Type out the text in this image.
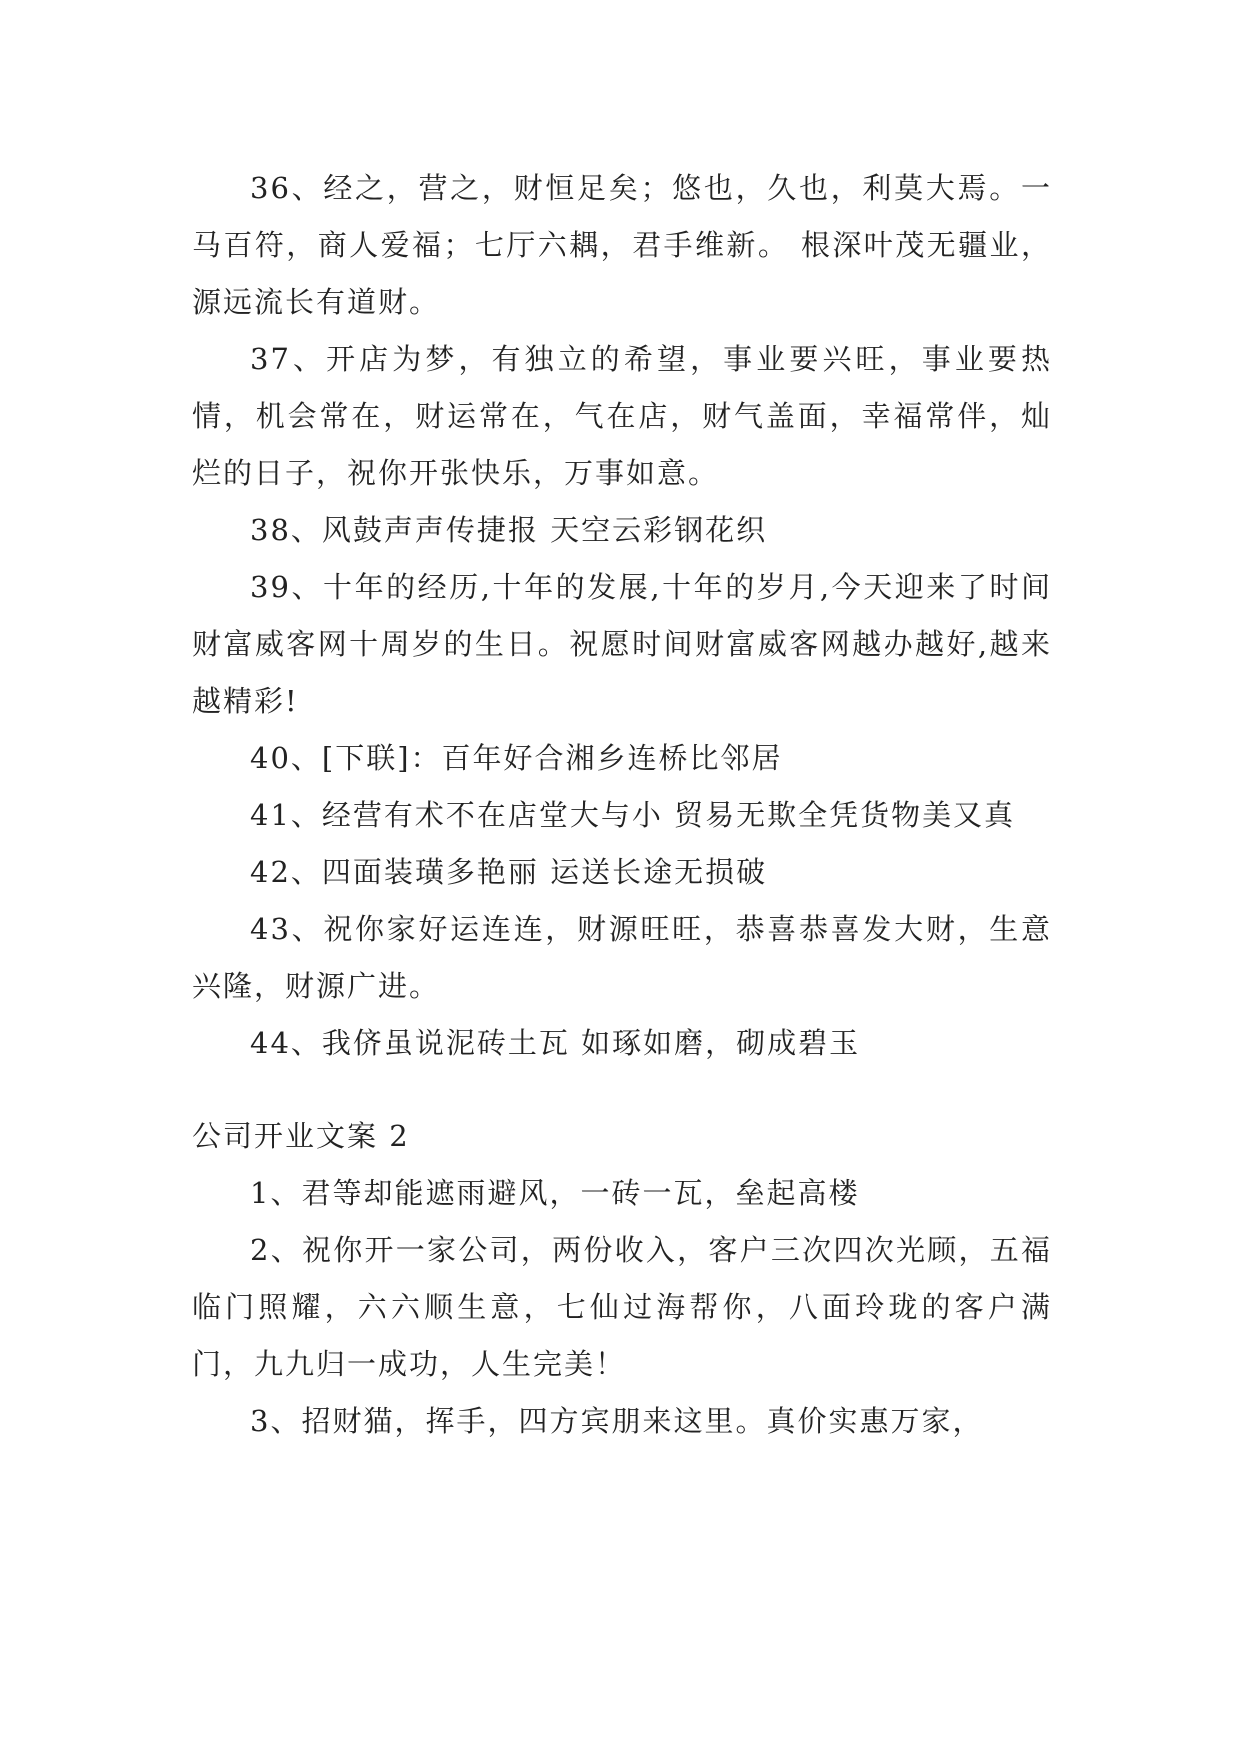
36、经之，营之，财恒足矣；悠也，久也，利莫大焉。一马百符，商人爱福；七厅六耦，君手维新。 根深叶茂无疆业，源远流长有道财。

37、开店为梦，有独立的希望，事业要兴旺，事业要热情，机会常在，财运常在，气在店，财气盖面，幸福常伴，灿烂的日子，祝你开张快乐，万事如意。

38、风鼓声声传捷报 天空云彩钢花织

39、十年的经历,十年的发展,十年的岁月,今天迎来了时间财富威客网十周岁的生日。祝愿时间财富威客网越办越好,越来越精彩!

40、[下联]：百年好合湘乡连桥比邻居

41、经营有术不在店堂大与小 贸易无欺全凭货物美又真

42、四面装璜多艳丽 运送长途无损破

43、祝你家好运连连，财源旺旺，恭喜恭喜发大财，生意兴隆，财源广进。

44、我侪虽说泥砖土瓦 如琢如磨，砌成碧玉

公司开业文案 2

1、君等却能遮雨避风，一砖一瓦，垒起高楼

2、祝你开一家公司，两份收入，客户三次四次光顾，五福临门照耀，六六顺生意，七仙过海帮你，八面玲珑的客户满门，九九归一成功，人生完美！

3、招财猫，挥手，四方宾朋来这里。真价实惠万家，
